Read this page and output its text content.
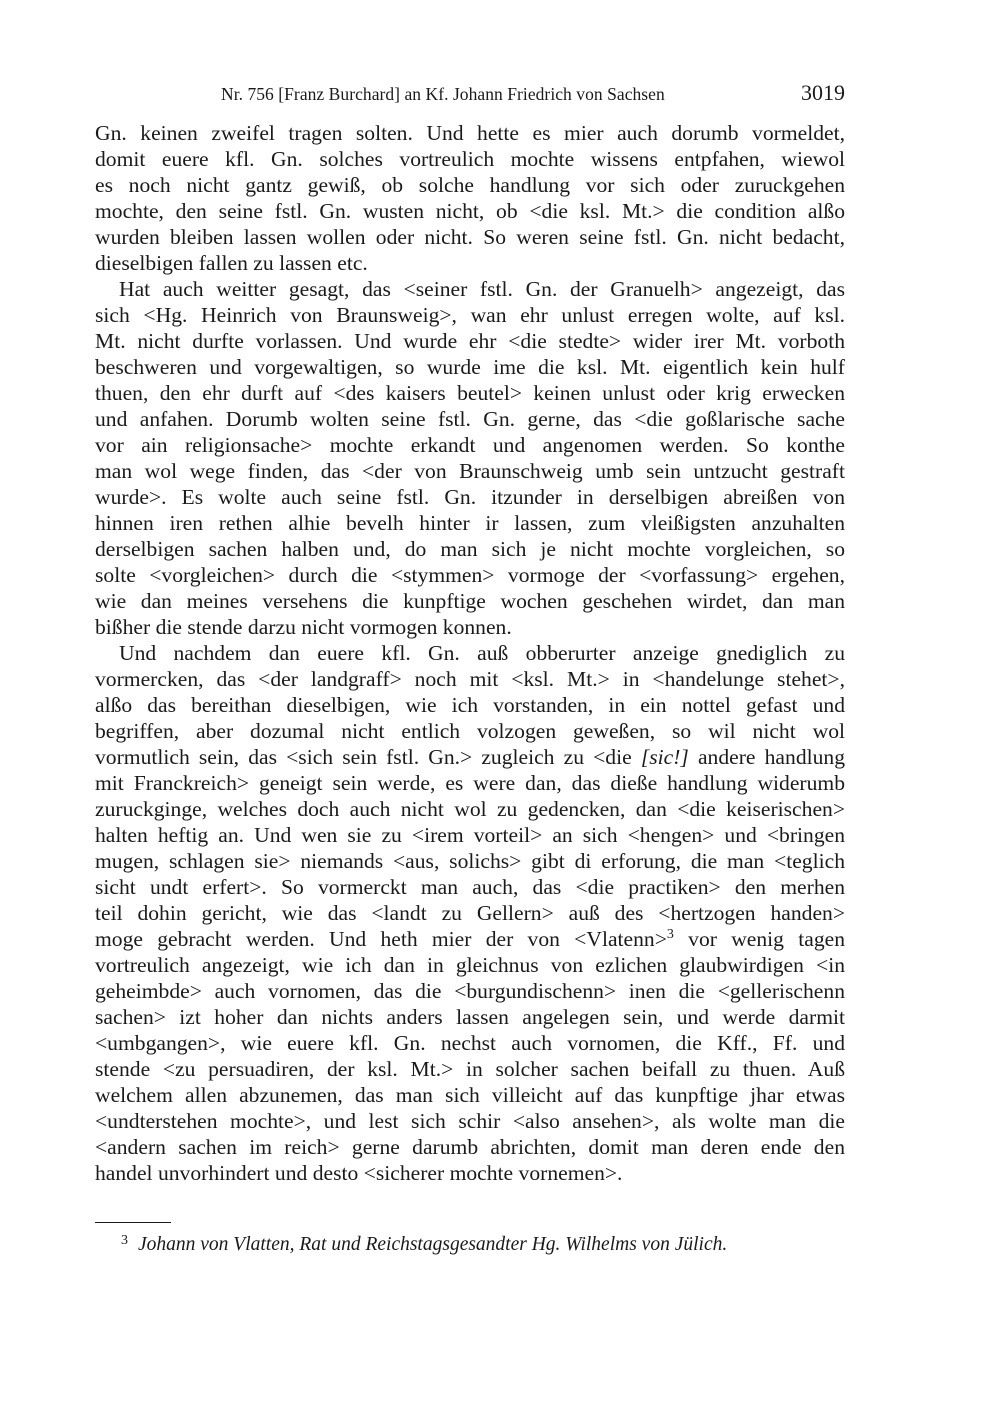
Nr. 756 [Franz Burchard] an Kf. Johann Friedrich von Sachsen	3019
Gn. keinen zweifel tragen solten. Und hette es mier auch dorumb vormeldet,
domit euere kfl. Gn. solches vortreulich mochte wissens entpfahen, wiewol
es noch nicht gantz gewiß, ob solche handlung vor sich oder zuruckgehen
mochte, den seine fstl. Gn. wusten nicht, ob <die ksl. Mt.> die condition alßo
wurden bleiben lassen wollen oder nicht. So weren seine fstl. Gn. nicht bedacht,
dieselbigen fallen zu lassen etc.
Hat auch weitter gesagt, das <seiner fstl. Gn. der Granuelh> angezeigt, das
sich <Hg. Heinrich von Braunsweig>, wan ehr unlust erregen wolte, auf ksl.
Mt. nicht durfte vorlassen. Und wurde ehr <die stedte> wider irer Mt. vorboth
beschweren und vorgewaltigen, so wurde ime die ksl. Mt. eigentlich kein hulf
thuen, den ehr durft auf <des kaisers beutel> keinen unlust oder krig erwecken
und anfahen. Dorumb wolten seine fstl. Gn. gerne, das <die goßlarische sache
vor ain religionsache> mochte erkandt und angenomen werden. So konthe
man wol wege finden, das <der von Braunschweig umb sein untzucht gestraft
wurde>. Es wolte auch seine fstl. Gn. itzunder in derselbigen abreißen von
hinnen iren rethen alhie bevelh hinter ir lassen, zum vleißigsten anzuhalten
derselbigen sachen halben und, do man sich je nicht mochte vorgleichen, so
solte <vorgleichen> durch die <stymmen> vormoge der <vorfassung> ergehen,
wie dan meines versehens die kunpftige wochen geschehen wirdet, dan man
bißher die stende darzu nicht vormogen konnen.
Und nachdem dan euere kfl. Gn. auß obberurter anzeige gnediglich zu
vormercken, das <der landgraff> noch mit <ksl. Mt.> in <handelunge stehet>,
alßo das bereithan dieselbigen, wie ich vorstanden, in ein nottel gefast und
begriffen, aber dozumal nicht entlich volzogen geweßen, so wil nicht wol
vormutlich sein, das <sich sein fstl. Gn.> zugleich zu <die [sic!] andere handlung
mit Franckreich> geneigt sein werde, es were dan, das dieße handlung widerumb
zuruckginge, welches doch auch nicht wol zu gedencken, dan <die keiserischen>
halten heftig an. Und wen sie zu <irem vorteil> an sich <hengen> und <bringen
mugen, schlagen sie> niemands <aus, solichs> gibt di erforung, die man <teglich
sicht undt erfert>. So vormerckt man auch, das <die practiken> den merhen
teil dohin gericht, wie das <landt zu Gellern> auß des <hertzogen handen>
moge gebracht werden. Und heth mier der von <Vlatenn>$^3$ vor wenig tagen
vortreulich angezeigt, wie ich dan in gleichnus von ezlichen glaubwirdigen <in
geheimbde> auch vornomen, das die <burgundischenn> inen die <gellerischenn
sachen> izt hoher dan nichts anders lassen angelegen sein, und werde darmit
<umbgangen>, wie euere kfl. Gn. nechst auch vornomen, die Kff., Ff. und
stende <zu persuadiren, der ksl. Mt.> in solcher sachen beifall zu thuen. Auß
welchem allen abzunemen, das man sich villeicht auf das kunpftige jhar etwas
<undterstehen mochte>, und lest sich schir <also ansehen>, als wolte man die
<andern sachen im reich> gerne darumb abrichten, domit man deren ende den
handel unvorhindert und desto <sicherer mochte vornemen>.
$^3$ Johann von Vlatten, Rat und Reichstagsgesandter Hg. Wilhelms von Jülich.
